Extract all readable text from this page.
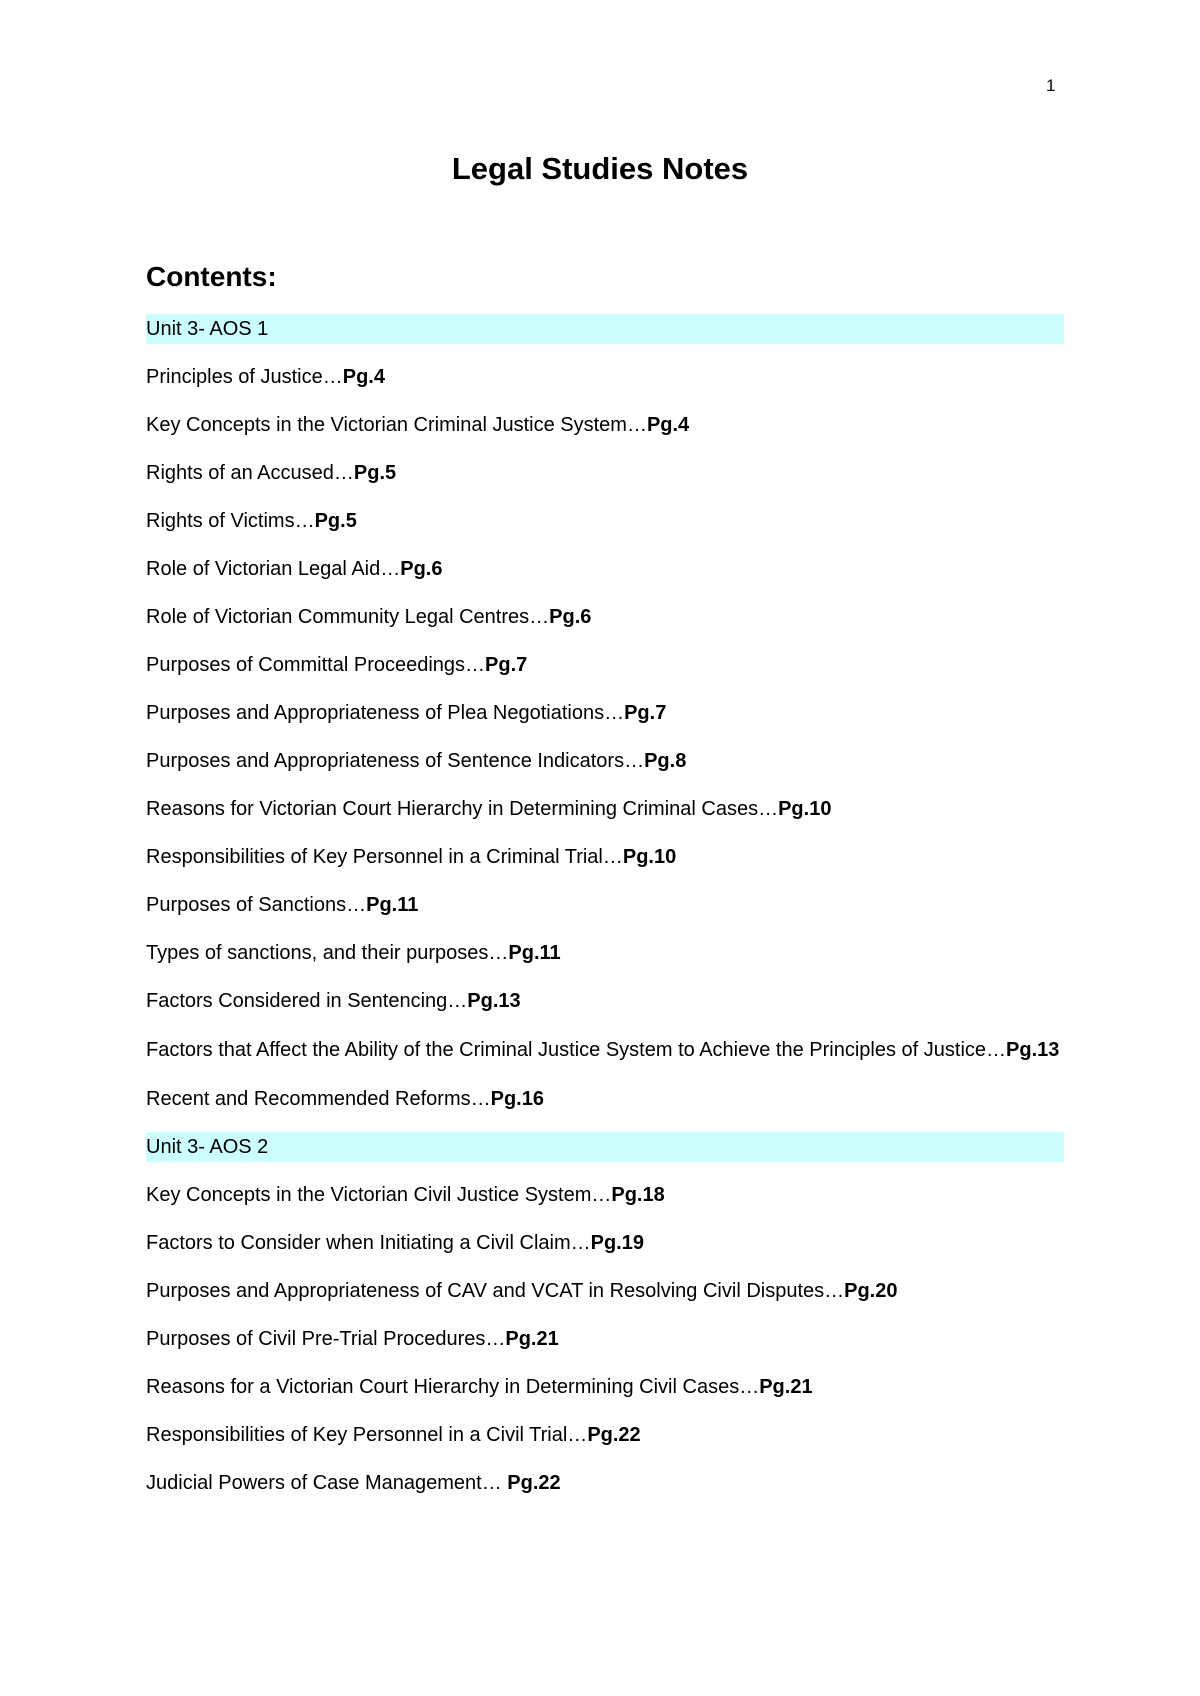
1
Legal Studies Notes
Contents:
Unit 3- AOS 1
Principles of Justice…Pg.4
Key Concepts in the Victorian Criminal Justice System…Pg.4
Rights of an Accused…Pg.5
Rights of Victims…Pg.5
Role of Victorian Legal Aid…Pg.6
Role of Victorian Community Legal Centres…Pg.6
Purposes of Committal Proceedings…Pg.7
Purposes and Appropriateness of Plea Negotiations…Pg.7
Purposes and Appropriateness of Sentence Indicators…Pg.8
Reasons for Victorian Court Hierarchy in Determining Criminal Cases…Pg.10
Responsibilities of Key Personnel in a Criminal Trial…Pg.10
Purposes of Sanctions…Pg.11
Types of sanctions, and their purposes…Pg.11
Factors Considered in Sentencing…Pg.13
Factors that Affect the Ability of the Criminal Justice System to Achieve the Principles of Justice…Pg.13
Recent and Recommended Reforms…Pg.16
Unit 3- AOS 2
Key Concepts in the Victorian Civil Justice System…Pg.18
Factors to Consider when Initiating a Civil Claim…Pg.19
Purposes and Appropriateness of CAV and VCAT in Resolving Civil Disputes…Pg.20
Purposes of Civil Pre-Trial Procedures…Pg.21
Reasons for a Victorian Court Hierarchy in Determining Civil Cases…Pg.21
Responsibilities of Key Personnel in a Civil Trial…Pg.22
Judicial Powers of Case Management… Pg.22
